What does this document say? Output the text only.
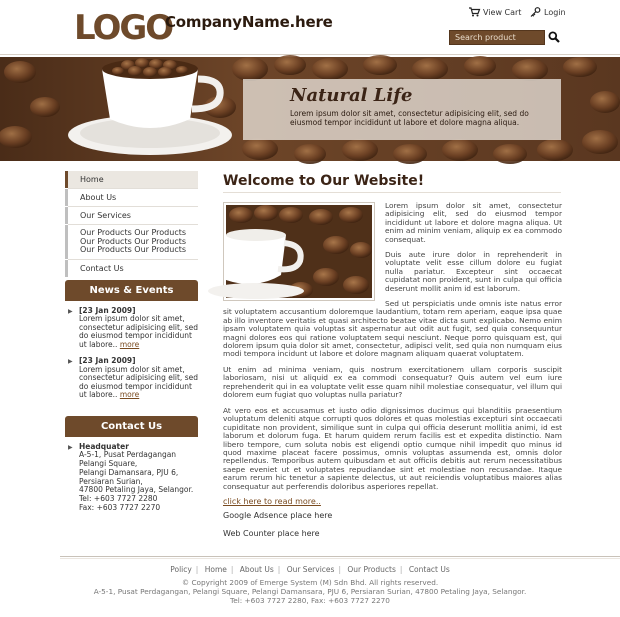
LOGO
CompanyName.here
View Cart	Login
Search product
Natural Life
Lorem ipsum dolor sit amet, consectetur adipisicing elit, sed do eiusmod tempor incididunt ut labore et dolore magna aliqua.
Home
About Us
Our Services
Our Products Our Products
Our Products Our Products
Our Products Our Products
Contact Us
News & Events
▶ [23 Jan 2009]
Lorem ipsum dolor sit amet, consectetur adipisicing elit, sed do eiusmod tempor incididunt ut labore.. more
▶ [23 Jan 2009]
Lorem ipsum dolor sit amet, consectetur adipisicing elit, sed do eiusmod tempor incididunt ut labore.. more
Contact Us
▶ Headquater
A-5-1, Pusat Perdagangan
Pelangi Square,
Pelangi Damansara, PJU 6,
Persiaran Surian,
47800 Petaling Jaya, Selangor.
Tel: +603 7727 2280
Fax: +603 7727 2270
Welcome to Our Website!
Lorem ipsum dolor sit amet, consectetur adipisicing elit, sed do eiusmod tempor incididunt ut labore et dolore magna aliqua. Ut enim ad minim veniam, aliquip ex ea commodo consequat.
Duis aute irure dolor in reprehenderit in voluptate velit esse cillum dolore eu fugiat nulla pariatur. Excepteur sint occaecat cupidatat non proident, sunt in culpa qui officia deserunt mollit anim id est laborum.
Sed ut perspiciatis unde omnis iste natus error sit voluptatem accusantium doloremque laudantium, totam rem aperiam, eaque ipsa quae ab illo inventore veritatis et quasi architecto beatae vitae dicta sunt explicabo. Nemo enim ipsam voluptatem quia voluptas sit aspernatur aut odit aut fugit, sed quia consequuntur magni dolores eos qui ratione voluptatem sequi nesciunt. Neque porro quisquam est, qui dolorem ipsum quia dolor sit amet, consectetur, adipisci velit, sed quia non numquam eius modi tempora incidunt ut labore et dolore magnam aliquam quaerat voluptatem.
Ut enim ad minima veniam, quis nostrum exercitationem ullam corporis suscipit laboriosam, nisi ut aliquid ex ea commodi consequatur? Quis autem vel eum iure reprehenderit qui in ea voluptate velit esse quam nihil molestiae consequatur, vel illum qui dolorem eum fugiat quo voluptas nulla pariatur?
At vero eos et accusamus et iusto odio dignissimos ducimus qui blanditiis praesentium voluptatum deleniti atque corrupti quos dolores et quas molestias excepturi sint occaecati cupiditate non provident, similique sunt in culpa qui officia deserunt mollitia animi, id est laborum et dolorum fuga. Et harum quidem rerum facilis est et expedita distinctio. Nam libero tempore, cum soluta nobis est eligendi optio cumque nihil impedit quo minus id quod maxime placeat facere possimus, omnis voluptas assumenda est, omnis dolor repellendus. Temporibus autem quibusdam et aut officiis debitis aut rerum necessitatibus saepe eveniet ut et voluptates repudiandae sint et molestiae non recusandae. Itaque earum rerum hic tenetur a sapiente delectus, ut aut reiciendis voluptatibus maiores alias consequatur aut perferendis doloribus asperiores repellat.
click here to read more..
Google Adsence place here
Web Counter place here
Policy | Home | About Us | Our Services | Our Products | Contact Us
© Copyright 2009 of Emerge System (M) Sdn Bhd. All rights reserved.
A-5-1, Pusat Perdagangan, Pelangi Square, Pelangi Damansara, PJU 6, Persiaran Surian, 47800 Petaling Jaya, Selangor.
Tel: +603 7727 2280, Fax: +603 7727 2270
